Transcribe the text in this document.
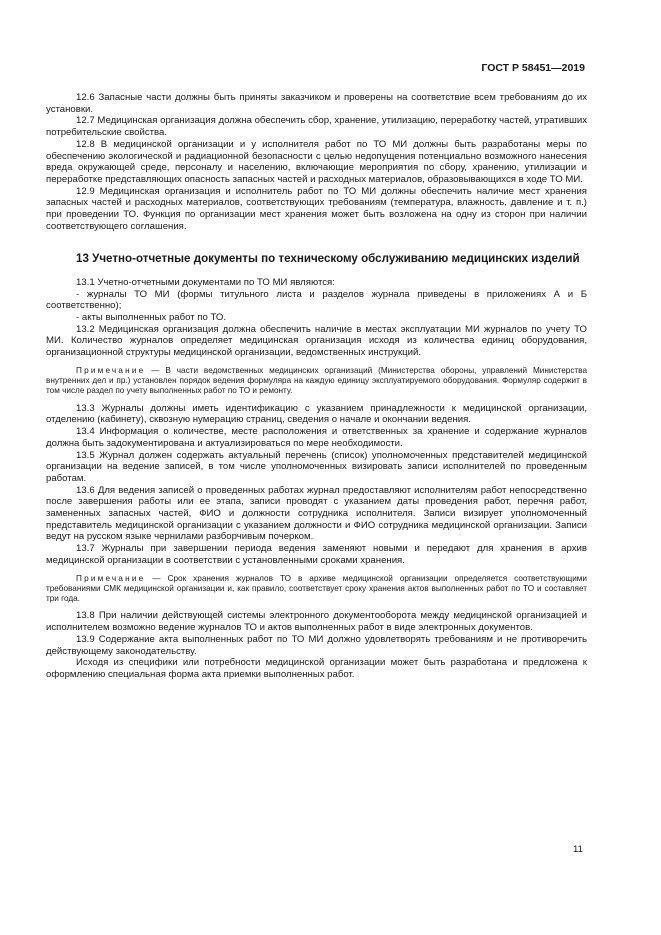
ГОСТ Р 58451—2019

12.6 Запасные части должны быть приняты заказчиком и проверены на соответствие всем требованиям до их установки.

12.7 Медицинская организация должна обеспечить сбор, хранение, утилизацию, переработку частей, утративших потребительские свойства.

12.8 В медицинской организации и у исполнителя работ по ТО МИ должны быть разработаны меры по обеспечению экологической и радиационной безопасности с целью недопущения потенциально возможного нанесения вреда окружающей среде, персоналу и населению, включающие мероприятия по сбору, хранению, утилизации и переработке представляющих опасность запасных частей и расходных материалов, образовывающихся в ходе ТО МИ.

12.9 Медицинская организация и исполнитель работ по ТО МИ должны обеспечить наличие мест хранения запасных частей и расходных материалов, соответствующих требованиям (температура, влажность, давление и т. п.) при проведении ТО. Функция по организации мест хранения может быть возложена на одну из сторон при наличии соответствующего соглашения.

13 Учетно-отчетные документы по техническому обслуживанию медицинских изделий

13.1 Учетно-отчетными документами по ТО МИ являются:

- журналы ТО МИ (формы титульного листа и разделов журнала приведены в приложениях А и Б соответственно);

- акты выполненных работ по ТО.

13.2 Медицинская организация должна обеспечить наличие в местах эксплуатации МИ журналов по учету ТО МИ. Количество журналов определяет медицинская организация исходя из количества единиц оборудования, организационной структуры медицинской организации, ведомственных инструкций.

Примечание — В части ведомственных медицинских организаций (Министерства обороны, управлений Министерства внутренних дел и пр.) установлен порядок ведения формуляра на каждую единицу эксплуатируемого оборудования. Формуляр содержит в том числе раздел по учету выполненных работ по ТО и ремонту.

13.3 Журналы должны иметь идентификацию с указанием принадлежности к медицинской организации, отделению (кабинету), сквозную нумерацию страниц, сведения о начале и окончании ведения.

13.4 Информация о количестве, месте расположения и ответственных за хранение и содержание журналов должна быть задокументирована и актуализироваться по мере необходимости.

13.5 Журнал должен содержать актуальный перечень (список) уполномоченных представителей медицинской организации на ведение записей, в том числе уполномоченных визировать записи исполнителей по проведенным работам.

13.6 Для ведения записей о проведенных работах журнал предоставляют исполнителям работ непосредственно после завершения работы или ее этапа, записи проводят с указанием даты проведения работ, перечня работ, замененных запасных частей, ФИО и должности сотрудника исполнителя. Записи визирует уполномоченный представитель медицинской организации с указанием должности и ФИО сотрудника медицинской организации. Записи ведут на русском языке чернилами разборчивым почерком.

13.7 Журналы при завершении периода ведения заменяют новыми и передают для хранения в архив медицинской организации в соответствии с установленными сроками хранения.

Примечание — Срок хранения журналов ТО в архиве медицинской организации определяется соответствующими требованиями СМК медицинской организации и, как правило, соответствует сроку хранения актов выполненных работ по ТО и составляет три года.

13.8 При наличии действующей системы электронного документооборота между медицинской организацией и исполнителем возможно ведение журналов ТО и актов выполненных работ в виде электронных документов.

13.9 Содержание акта выполненных работ по ТО МИ должно удовлетворять требованиям и не противоречить действующему законодательству.

Исходя из специфики или потребности медицинской организации может быть разработана и предложена к оформлению специальная форма акта приемки выполненных работ.

11
